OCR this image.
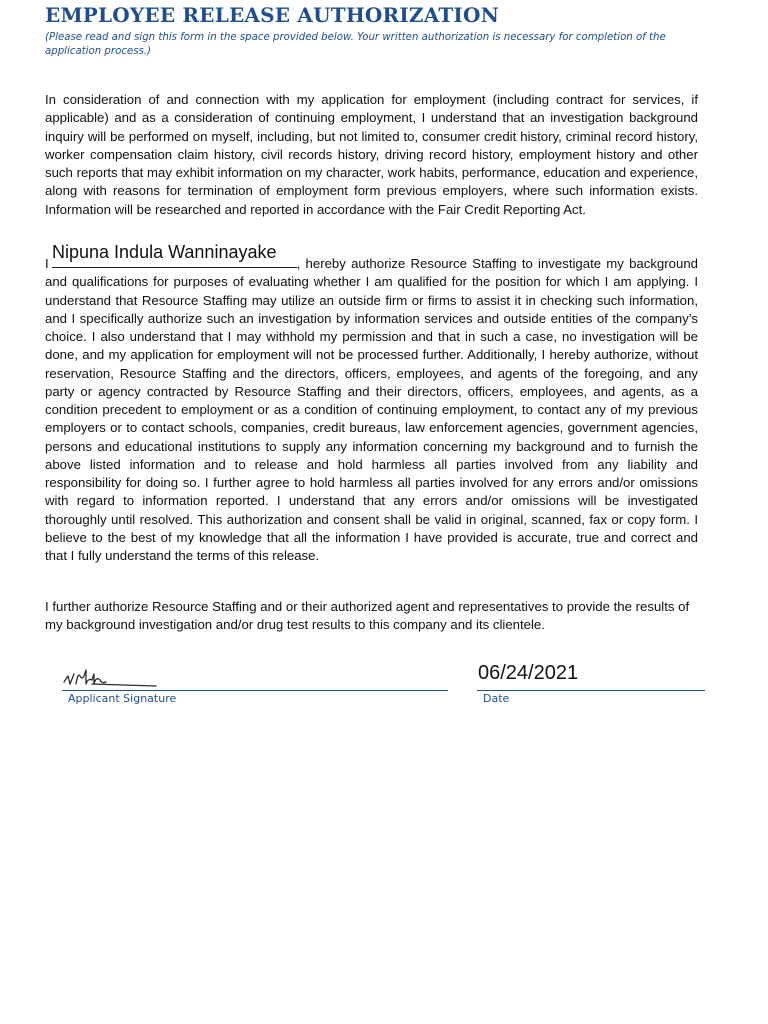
EMPLOYEE RELEASE AUTHORIZATION

(Please read and sign this form in the space provided below. Your written authorization is necessary for completion of the application process.)

In consideration of and connection with my application for employment (including contract for services, if applicable) and as a consideration of continuing employment, I understand that an investigation background inquiry will be performed on myself, including, but not limited to, consumer credit history, criminal record history, worker compensation claim history, civil records history, driving record history, employment history and other such reports that may exhibit information on my character, work habits, performance, education and experience, along with reasons for termination of employment form previous employers, where such information exists. Information will be researched and reported in accordance with the Fair Credit Reporting Act.

I	, hereby authorize Resource Staffing to investigate my background and qualifications for purposes of evaluating whether I am qualified for the position for which I am applying. I understand that Resource Staffing may utilize an outside firm or firms to assist it in checking such information, and I specifically authorize such an investigation by information services and outside entities of the company’s choice. I also understand that I may withhold my permission and that in such a case, no investigation will be done, and my application for employment will not be processed further. Additionally, I hereby authorize, without reservation, Resource Staffing and the directors, officers, employees, and agents of the foregoing, and any party or agency contracted by Resource Staffing and their directors, officers, employees, and agents, as a condition precedent to employment or as a condition of continuing employment, to contact any of my previous employers or to contact schools, companies, credit bureaus, law enforcement agencies, government agencies, persons and educational institutions to supply any information concerning my background and to furnish the above listed information and to release and hold harmless all parties involved from any liability and responsibility for doing so. I further agree to hold harmless all parties involved for any errors and/or omissions with regard to information reported. I understand that any errors and/or omissions will be investigated thoroughly until resolved. This authorization and consent shall be valid in original, scanned, fax or copy form. I believe to the best of my knowledge that all the information I have provided is accurate, true and correct and that I fully understand the terms of this release.

Nipuna Indula Wanninayake

I further authorize Resource Staffing and or their authorized agent and representatives to provide the results of my background investigation and/or drug test results to this company and its clientele.

Applicant Signature

06/24/2021

Date
